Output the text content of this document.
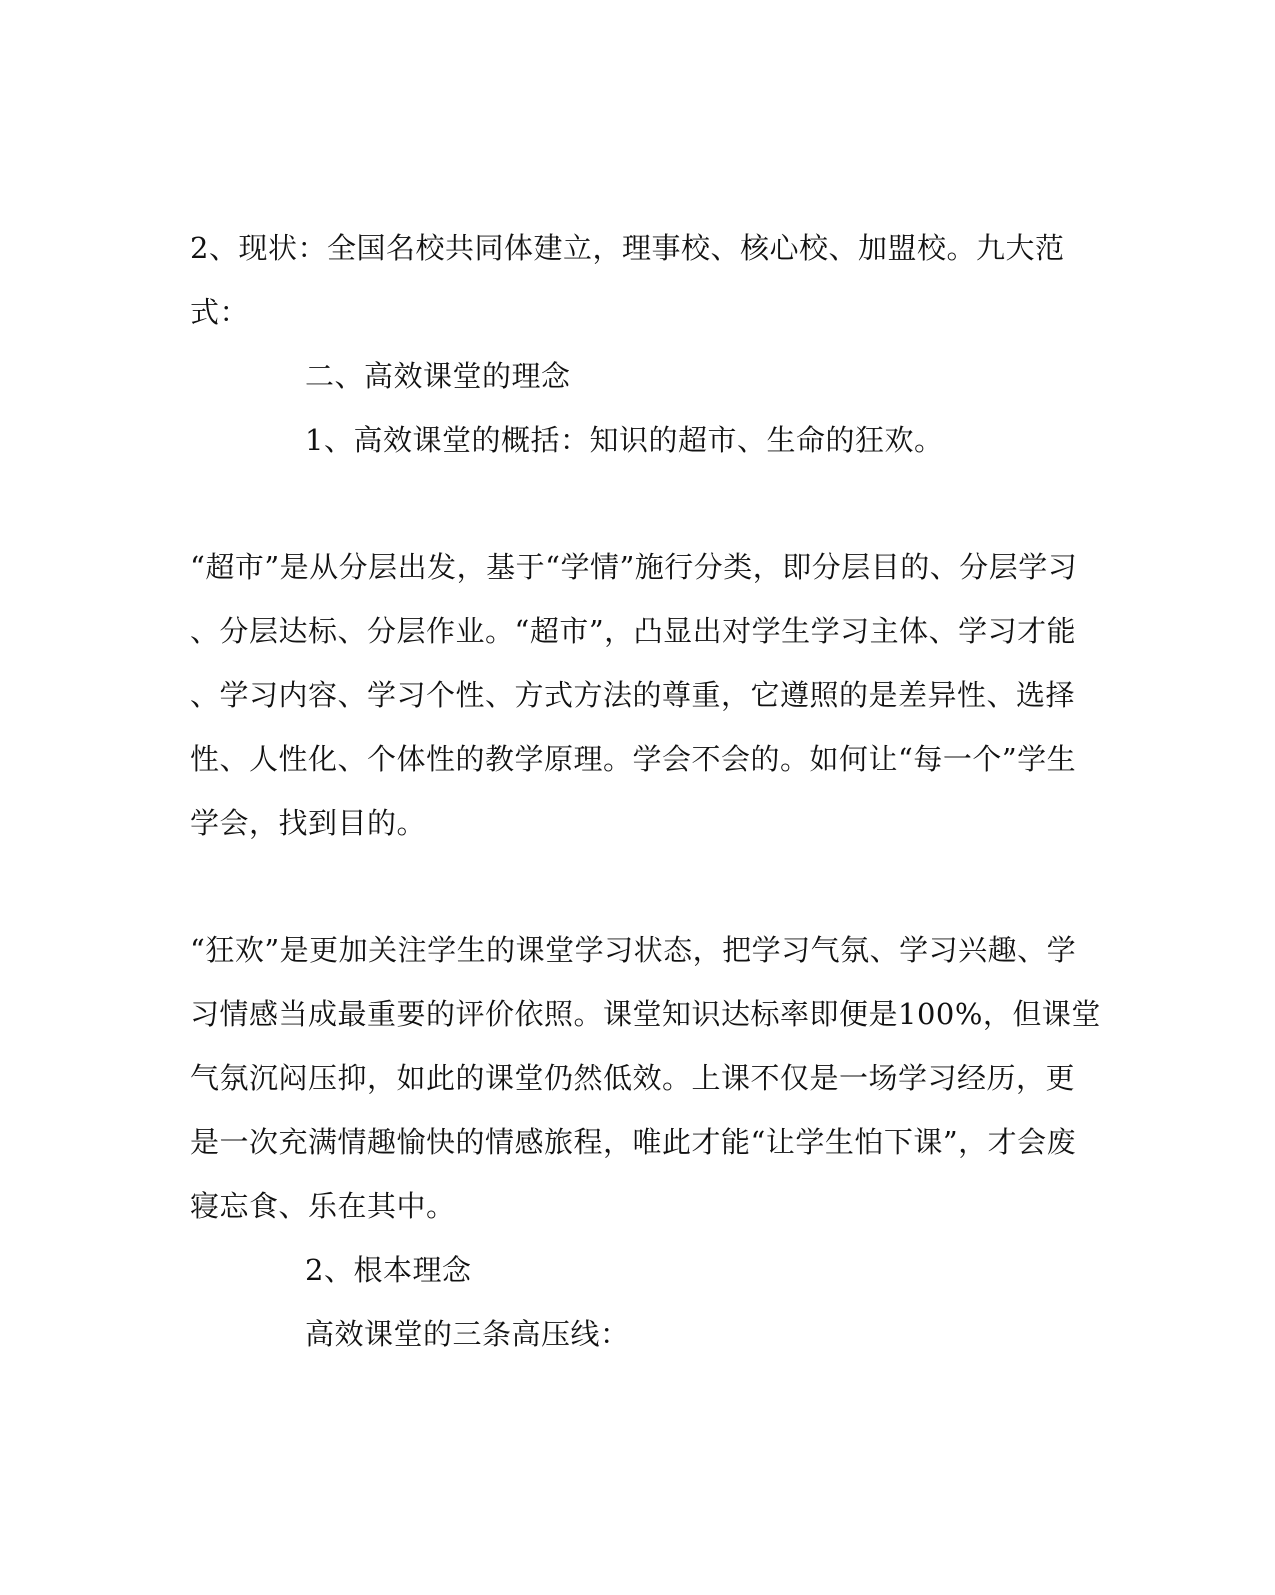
2、现状：全国名校共同体建立，理事校、核心校、加盟校。九大范
式：
二、高效课堂的理念
1、高效课堂的概括：知识的超市、生命的狂欢。
“超市”是从分层出发，基于“学情”施行分类，即分层目的、分层学习
、分层达标、分层作业。“超市”，凸显出对学生学习主体、学习才能
、学习内容、学习个性、方式方法的尊重，它遵照的是差异性、选择
性、人性化、个体性的教学原理。学会不会的。如何让“每一个”学生
学会，找到目的。
“狂欢”是更加关注学生的课堂学习状态，把学习气氛、学习兴趣、学
习情感当成最重要的评价依照。课堂知识达标率即便是100%，但课堂
气氛沉闷压抑，如此的课堂仍然低效。上课不仅是一场学习经历，更
是一次充满情趣愉快的情感旅程，唯此才能“让学生怕下课”，才会废
寝忘食、乐在其中。
2、根本理念
高效课堂的三条高压线：
